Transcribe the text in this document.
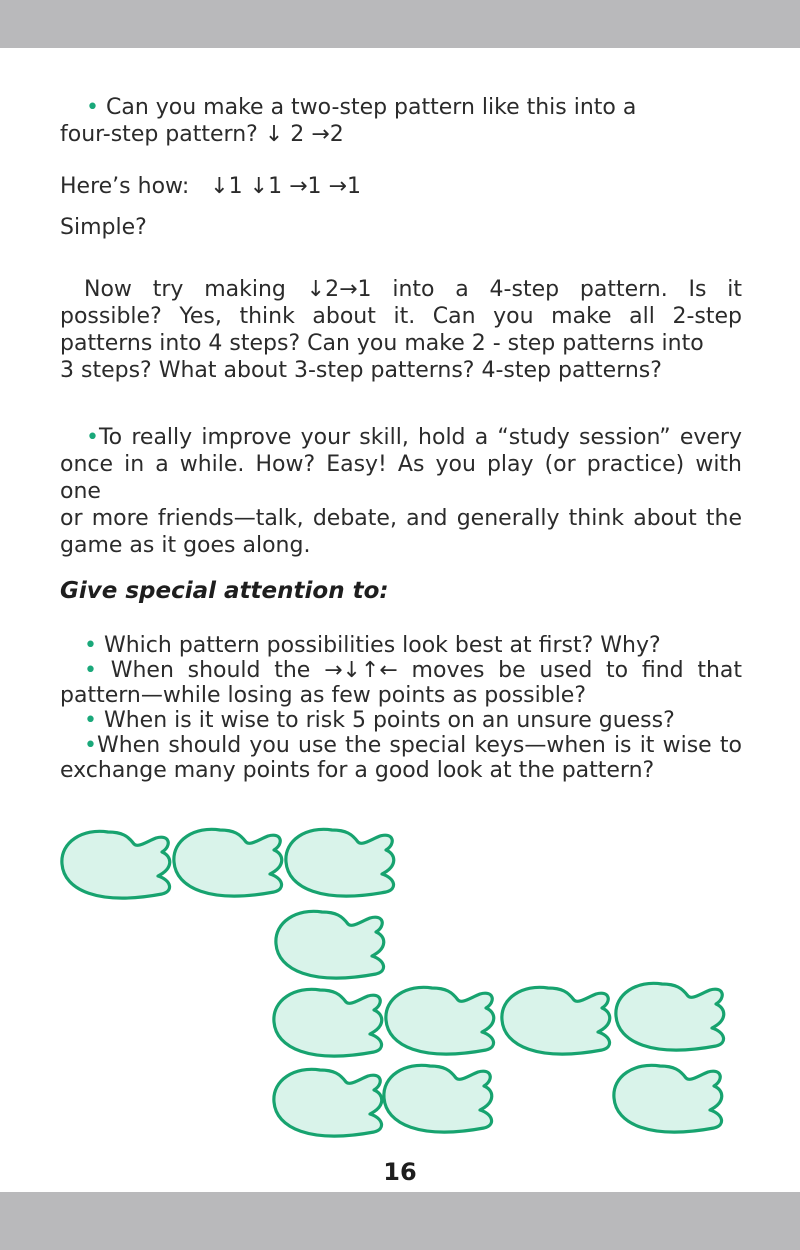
• Can you make a two-step pattern like this into a
four-step pattern? ↓ 2 →2

Here’s how: ↓1 ↓1 →1 →1

Simple?

Now try making ↓2→1 into a 4-step pattern. Is it
possible? Yes, think about it. Can you make all 2-step
patterns into 4 steps? Can you make 2 - step patterns into
3 steps? What about 3-step patterns? 4-step patterns?
•To really improve your skill, hold a “study session” every
once in a while. How? Easy! As you play (or practice) with one
or more friends—talk, debate, and generally think about the
game as it goes along.

Give special attention to:

• Which pattern possibilities look best at first? Why?
• When should the →↓↑← moves be used to find that
pattern—while losing as few points as possible?
• When is it wise to risk 5 points on an unsure guess?
•When should you use the special keys—when is it wise to
exchange many points for a good look at the pattern?
16
